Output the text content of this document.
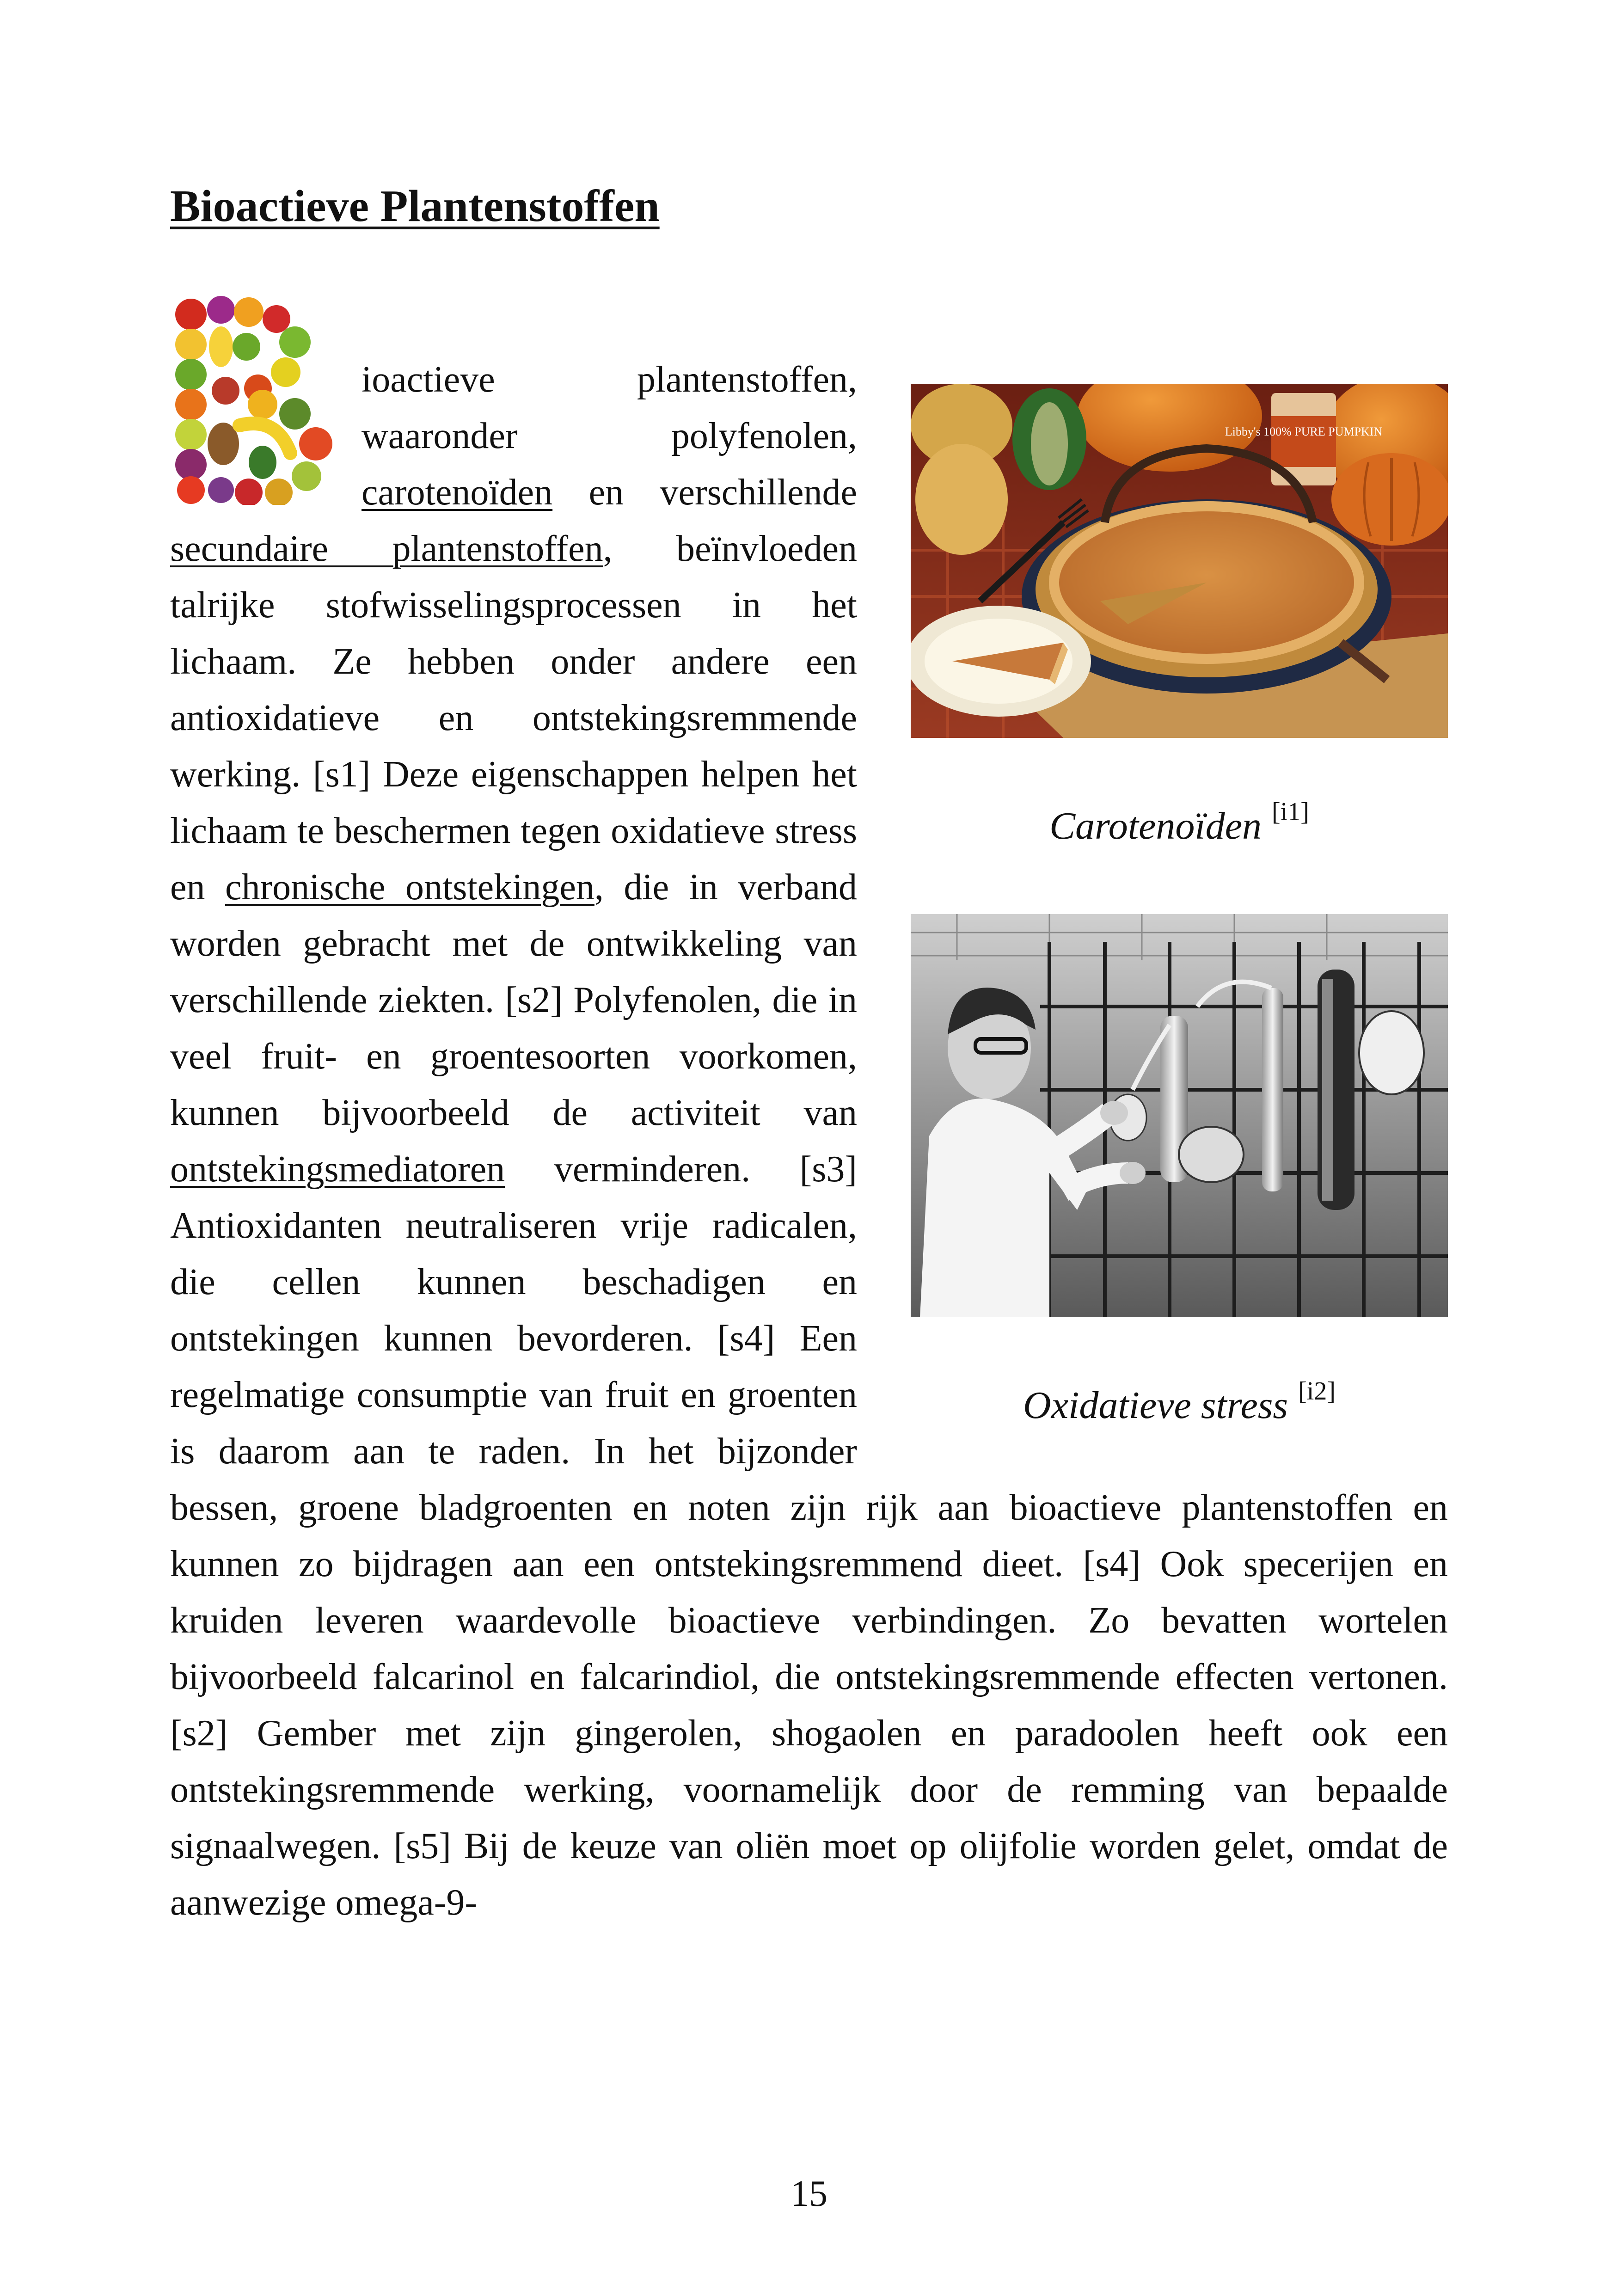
Bioactieve Plantenstoffen
Libby's 100% PURE PUMPKIN
Carotenoïden [i1]
Oxidatieve stress [i2]

ioactieve plantenstoffen, waaronder polyfenolen, carotenoïden en verschillende secundaire plantenstoffen, beïnvloeden talrijke stofwisselingsprocessen in het lichaam. Ze hebben onder andere een antioxidatieve en ontstekingsremmende werking. [s1] Deze eigenschappen helpen het lichaam te beschermen tegen oxidatieve stress en chronische ontstekingen, die in verband worden gebracht met de ontwikkeling van verschillende ziekten. [s2] Polyfenolen, die in veel fruit- en groentesoorten voorkomen, kunnen bijvoorbeeld de activiteit van ontstekingsmediatoren verminderen. [s3] Antioxidanten neutraliseren vrije radicalen, die cellen kunnen beschadigen en ontstekingen kunnen bevorderen. [s4] Een regelmatige consumptie van fruit en groenten is daarom aan te raden. In het bijzonder bessen, groene bladgroenten en noten zijn rijk aan bioactieve plantenstoffen en kunnen zo bijdragen aan een ontstekingsremmend dieet. [s4] Ook specerijen en kruiden leveren waardevolle bioactieve verbindingen. Zo bevatten wortelen bijvoorbeeld falcarinol en falcarindiol, die ontstekingsremmende effecten vertonen. [s2] Gember met zijn gingerolen, shogaolen en paradoolen heeft ook een ontstekingsremmende werking, voornamelijk door de remming van bepaalde signaalwegen. [s5] Bij de keuze van oliën moet op olijfolie worden gelet, omdat de aanwezige omega-9-

15
